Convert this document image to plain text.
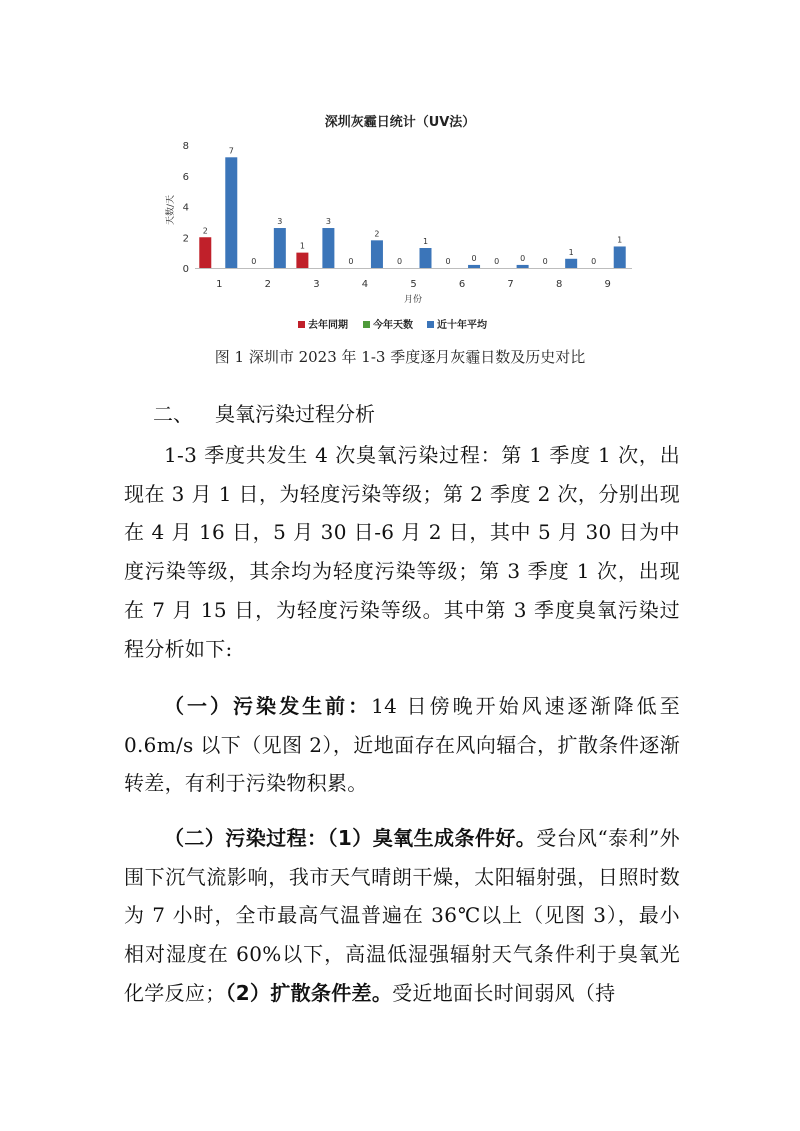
深圳灰霾日统计（UV法）
天数/天
月份
0
2
4
6
8
1	2	3	4	5	6	7	8	9
2
7
0
3
1
3
0
2
0
1
0	0 0	0 0
1
0
1
去年同期	今年天数 近十年平均
图 1 深圳市 2023 年 1-3 季度逐月灰霾日数及历史对比
二、 臭氧污染过程分析

1-3 季度共发生 4 次臭氧污染过程：第 1 季度 1 次，出现在 3 月 1 日，为轻度污染等级；第 2 季度 2 次，分别出现在 4 月 16 日，5 月 30 日-6 月 2 日，其中 5 月 30 日为中度污染等级，其余均为轻度污染等级；第 3 季度 1 次，出现在 7 月 15 日，为轻度污染等级。其中第 3 季度臭氧污染过程分析如下:

（一）污染发生前：14 日傍晚开始风速逐渐降低至 0.6m/s 以下（见图 2），近地面存在风向辐合，扩散条件逐渐转差，有利于污染物积累。

（二）污染过程：（1）臭氧生成条件好。受台风“泰利”外围下沉气流影响，我市天气晴朗干燥，太阳辐射强，日照时数为 7 小时，全市最高气温普遍在 36℃以上（见图 3），最小相对湿度在 60%以下，高温低湿强辐射天气条件利于臭氧光化学反应；（2）扩散条件差。受近地面长时间弱风（持
